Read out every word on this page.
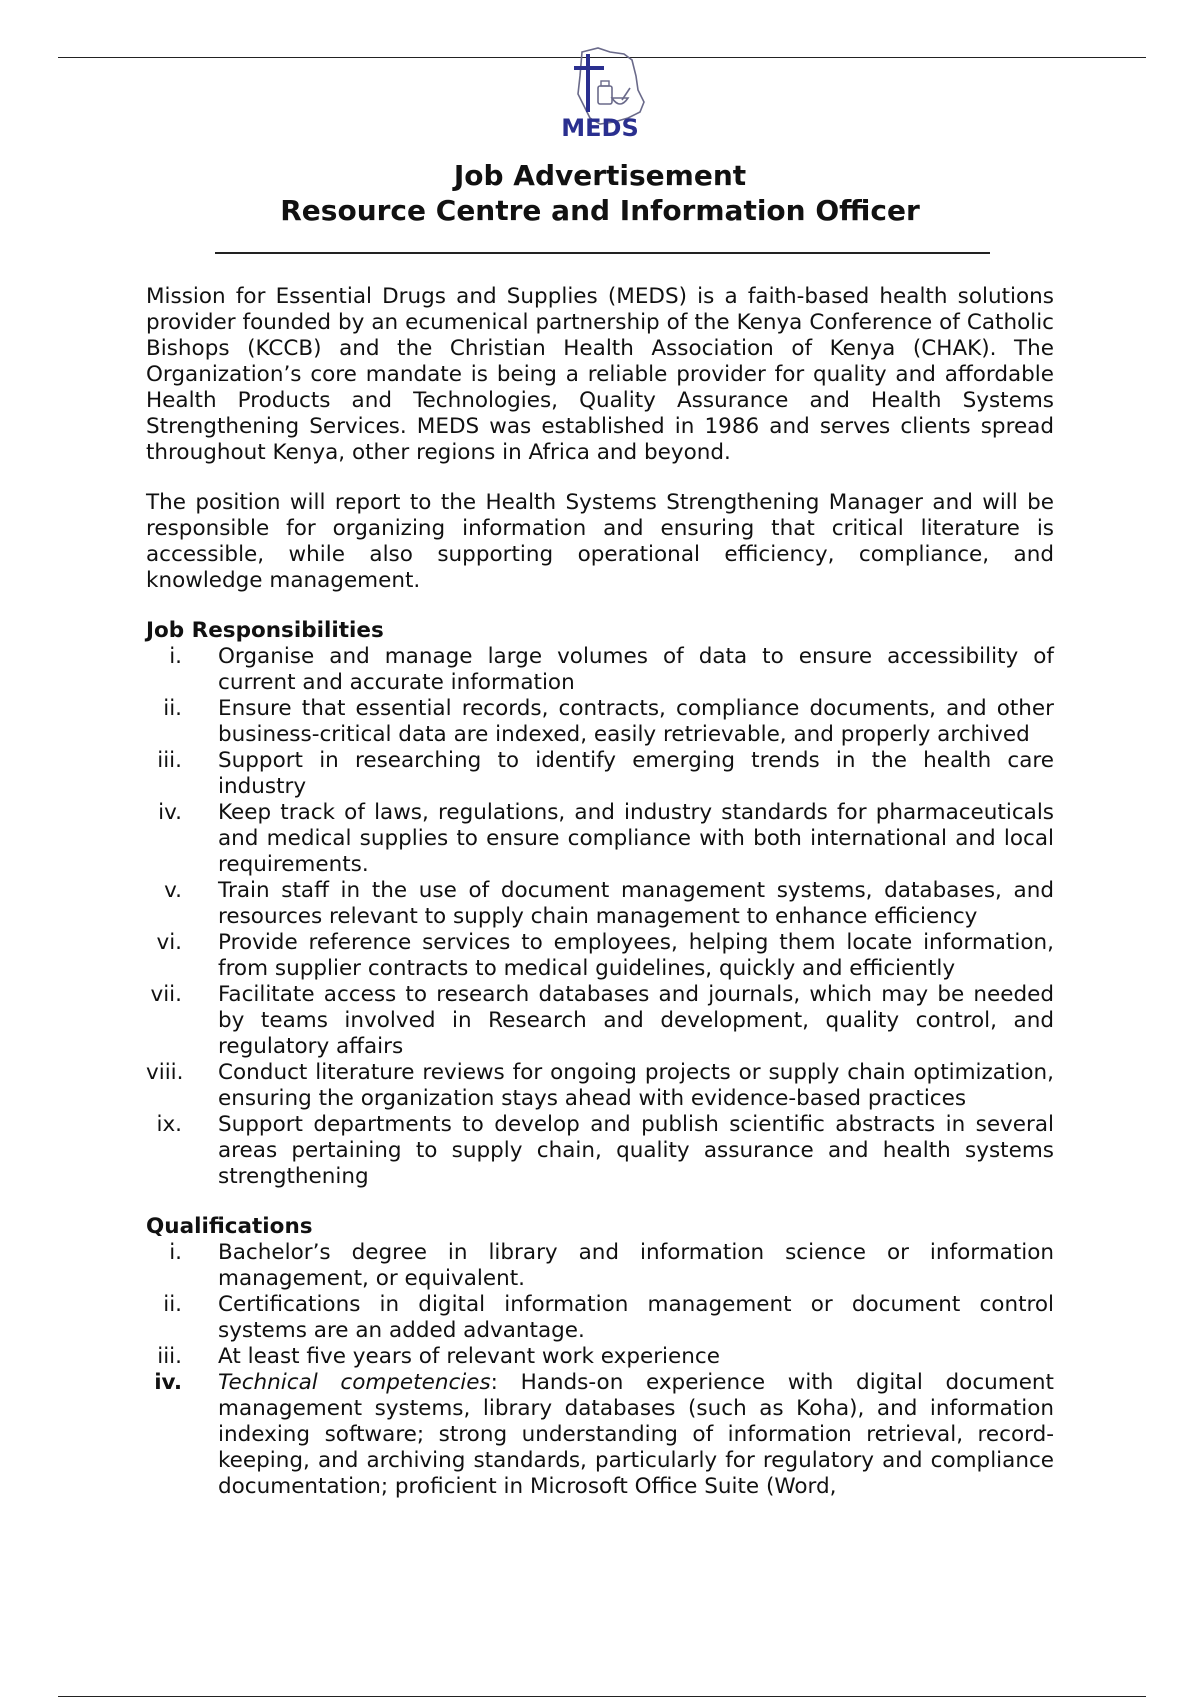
MEDS
Job Advertisement
Resource Centre and Information Officer

Mission for Essential Drugs and Supplies (MEDS) is a faith-based health solutions provider founded by an ecumenical partnership of the Kenya Conference of Catholic Bishops (KCCB) and the Christian Health Association of Kenya (CHAK). The Organization’s core mandate is being a reliable provider for quality and affordable Health Products and Technologies, Quality Assurance and Health Systems Strengthening Services. MEDS was established in 1986 and serves clients spread throughout Kenya, other regions in Africa and beyond.

The position will report to the Health Systems Strengthening Manager and will be responsible for organizing information and ensuring that critical literature is accessible, while also supporting operational efficiency, compliance, and knowledge management.

Job Responsibilities

i. Organise and manage large volumes of data to ensure accessibility of current and accurate information
ii. Ensure that essential records, contracts, compliance documents, and other business-critical data are indexed, easily retrievable, and properly archived
iii. Support in researching to identify emerging trends in the health care industry
iv. Keep track of laws, regulations, and industry standards for pharmaceuticals and medical supplies to ensure compliance with both international and local requirements.
v. Train staff in the use of document management systems, databases, and resources relevant to supply chain management to enhance efficiency
vi. Provide reference services to employees, helping them locate information, from supplier contracts to medical guidelines, quickly and efficiently
vii. Facilitate access to research databases and journals, which may be needed by teams involved in Research and development, quality control, and regulatory affairs
viii. Conduct literature reviews for ongoing projects or supply chain optimization, ensuring the organization stays ahead with evidence-based practices
ix. Support departments to develop and publish scientific abstracts in several areas pertaining to supply chain, quality assurance and health systems strengthening

Qualifications

i. Bachelor’s degree in library and information science or information management, or equivalent.
ii. Certifications in digital information management or document control systems are an added advantage.
iii. At least five years of relevant work experience
iv. Technical competencies: Hands-on experience with digital document management systems, library databases (such as Koha), and information indexing software; strong understanding of information retrieval, record-keeping, and archiving standards, particularly for regulatory and compliance documentation; proficient in Microsoft Office Suite (Word,
